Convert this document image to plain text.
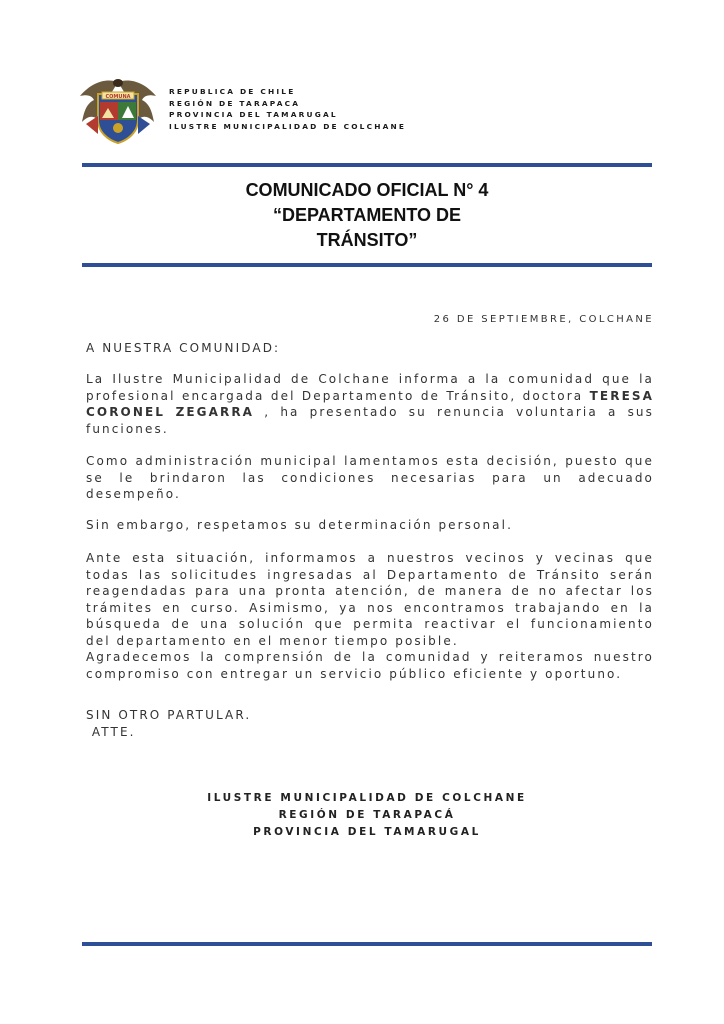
COMUNA
REPUBLICA DE CHILE
REGIÓN DE TARAPACA
PROVINCIA DEL TAMARUGAL
ILUSTRE MUNICIPALIDAD DE COLCHANE
COMUNICADO OFICIAL N° 4
“DEPARTAMENTO DE
TRÁNSITO”
26 DE SEPTIEMBRE, COLCHANE
A NUESTRA COMUNIDAD:
La Ilustre Municipalidad de Colchane informa a la comunidad que la profesional encargada del Departamento de Tránsito, doctora TERESA CORONEL ZEGARRA , ha presentado su renuncia voluntaria a sus funciones.
Como administración municipal lamentamos esta decisión, puesto que se le brindaron las condiciones necesarias para un adecuado desempeño.
Sin embargo, respetamos su determinación personal.
Ante esta situación, informamos a nuestros vecinos y vecinas que todas las solicitudes ingresadas al Departamento de Tránsito serán reagendadas para una pronta atención, de manera de no afectar los trámites en curso. Asimismo, ya nos encontramos trabajando en la búsqueda de una solución que permita reactivar el funcionamiento del departamento en el menor tiempo posible.
Agradecemos la comprensión de la comunidad y reiteramos nuestro compromiso con entregar un servicio público eficiente y oportuno.
SIN OTRO PARTULAR.
ATTE.
ILUSTRE MUNICIPALIDAD DE COLCHANE
REGIÓN DE TARAPACÁ
PROVINCIA DEL TAMARUGAL
